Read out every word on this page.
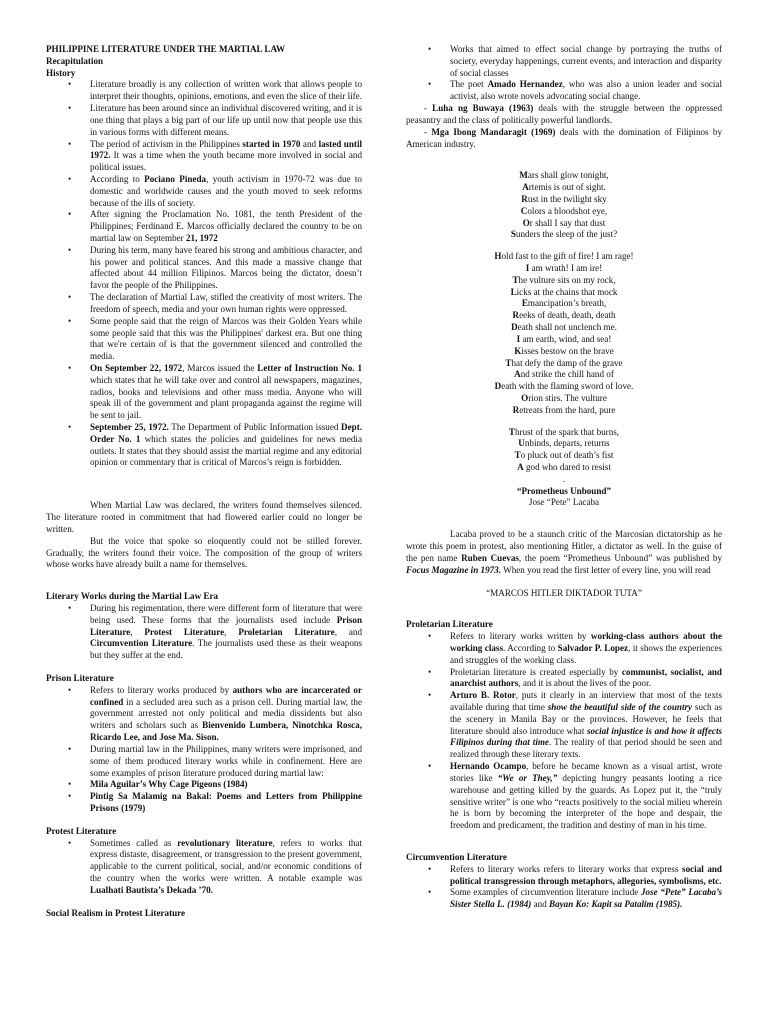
PHILIPPINE LITERATURE UNDER THE MARTIAL LAW

Recapitulation

History

• Literature broadly is any collection of written work that allows people to interpret their thoughts, opinions, emotions, and even the slice of their life.
• Literature has been around since an individual discovered writing, and it is one thing that plays a big part of our life up until now that people use this in various forms with different means.
• The period of activism in the Philippines started in 1970 and lasted until 1972. It was a time when the youth became more involved in social and political issues.
• According to Pociano Pineda, youth activism in 1970-72 was due to domestic and worldwide causes and the youth moved to seek reforms because of the ills of society.
• After signing the Proclamation No. 1081, the tenth President of the Philippines; Ferdinand E. Marcos officially declared the country to be on martial law on September 21, 1972
• During his term, many have feared his strong and ambitious character, and his power and political stances. And this made a massive change that affected about 44 million Filipinos. Marcos being the dictator, doesn’t favor the people of the Philippines.
• The declaration of Martial Law, stifled the creativity of most writers. The freedom of speech, media and your own human rights were oppressed.
• Some people said that the reign of Marcos was their Golden Years while some people said that this was the Philippines' darkest era. But one thing that we're certain of is that the government silenced and controlled the media.
• On September 22, 1972, Marcos issued the Letter of Instruction No. 1 which states that he will take over and control all newspapers, magazines, radios, books and televisions and other mass media. Anyone who will speak ill of the government and plant propaganda against the regime will be sent to jail.
• September 25, 1972. The Department of Public Information issued Dept. Order No. 1 which states the policies and guidelines for news media outlets. It states that they should assist the martial regime and any editorial opinion or commentary that is critical of Marcos’s reign is forbidden.

When Martial Law was declared, the writers found themselves silenced. The literature rooted in commitment that had flowered earlier could no longer be written.

But the voice that spoke so eloquently could not be stilled forever. Gradually, the writers found their voice. The composition of the group of writers whose works have already built a name for themselves.

Literary Works during the Martial Law Era

• During his regimentation, there were different form of literature that were being used. These forms that the journalists used include Prison Literature, Protest Literature, Proletarian Literature, and Circumvention Literature. The journalists used these as their weapons but they suffer at the end.

Prison Literature

• Refers to literary works produced by authors who are incarcerated or confined in a secluded area such as a prison cell. During martial law, the government arrested not only political and media dissidents but also writers and scholars such as Bienvenido Lumbera, Ninotchka Rosca, Ricardo Lee, and Jose Ma. Sison.
• During martial law in the Philippines, many writers were imprisoned, and some of them produced literary works while in confinement. Here are some examples of prison literature produced during martial law:
• Mila Aguilar’s Why Cage Pigeons (1984)
• Pintig Sa Malamig na Bakal: Poems and Letters from Philippine Prisons (1979)

Protest Literature

• Sometimes called as revolutionary literature, refers to works that express distaste, disagreement, or transgression to the present government, applicable to the current political, social, and/or economic conditions of the country when the works were written. A notable example was Lualhati Bautista’s Dekada ’70.

Social Realism in Protest Literature

• Works that aimed to effect social change by portraying the truths of society, everyday happenings, current events, and interaction and disparity of social classes
• The poet Amado Hernandez, who was also a union leader and social activist, also wrote novels advocating social change.

- Luha ng Buwaya (1963) deals with the struggle between the oppressed peasantry and the class of politically powerful landlords.

- Mga Ibong Mandaragit (1969) deals with the domination of Filipinos by American industry.

Mars shall glow tonight,

Artemis is out of sight.

Rust in the twilight sky

Colors a bloodshot eye,

Or shall I say that dust

Sunders the sleep of the just?

Hold fast to the gift of fire! I am rage!

I am wrath! I am ire!

The vulture sits on my rock,

Licks at the chains that mock

Emancipation’s breath,

Reeks of death, death, death

Death shall not unclench me.

I am earth, wind, and sea!

Kisses bestow on the brave

That defy the damp of the grave

And strike the chill hand of

Death with the flaming sword of love.

Orion stirs. The vulture

Retreats from the hard, pure

Thrust of the spark that burns,

Unbinds, departs, returns

To pluck out of death’s fist

A god who dared to resist

.

“Prometheus Unbound”

Jose “Pete” Lacaba

Lacaba proved to be a staunch critic of the Marcosian dictatorship as he wrote this poem in protest, also mentioning Hitler, a dictator as well. In the guise of the pen name Ruben Cuevas, the poem “Prometheus Unbound” was published by Focus Magazine in 1973. When you read the first letter of every line, you will read

“MARCOS HITLER DIKTADOR TUTA”

Proletarian Literature

• Refers to literary works written by working-class authors about the working class. According to Salvador P. Lopez, it shows the experiences and struggles of the working class.
• Proletarian literature is created especially by communist, socialist, and anarchist authors, and it is about the lives of the poor.
• Arturo B. Rotor, puts it clearly in an interview that most of the texts available during that time show the beautiful side of the country such as the scenery in Manila Bay or the provinces. However, he feels that literature should also introduce what social injustice is and how it affects Filipinos during that time. The reality of that period should be seen and realized through these literary texts.
• Hernando Ocampo, before he became known as a visual artist, wrote stories like “We or They,” depicting hungry peasants looting a rice warehouse and getting killed by the guards. As Lopez put it, the “truly sensitive writer” is one who “reacts positively to the social milieu wherein he is born by becoming the interpreter of the hope and despair, the freedom and predicament, the tradition and destiny of man in his time.

Circumvention Literature

• Refers to literary works refers to literary works that express social and political transgression through metaphors, allegories, symbolisms, etc.
• Some examples of circumvention literature include Jose “Pete” Lacaba’s Sister Stella L. (1984) and Bayan Ko: Kapit sa Patalim (1985).
